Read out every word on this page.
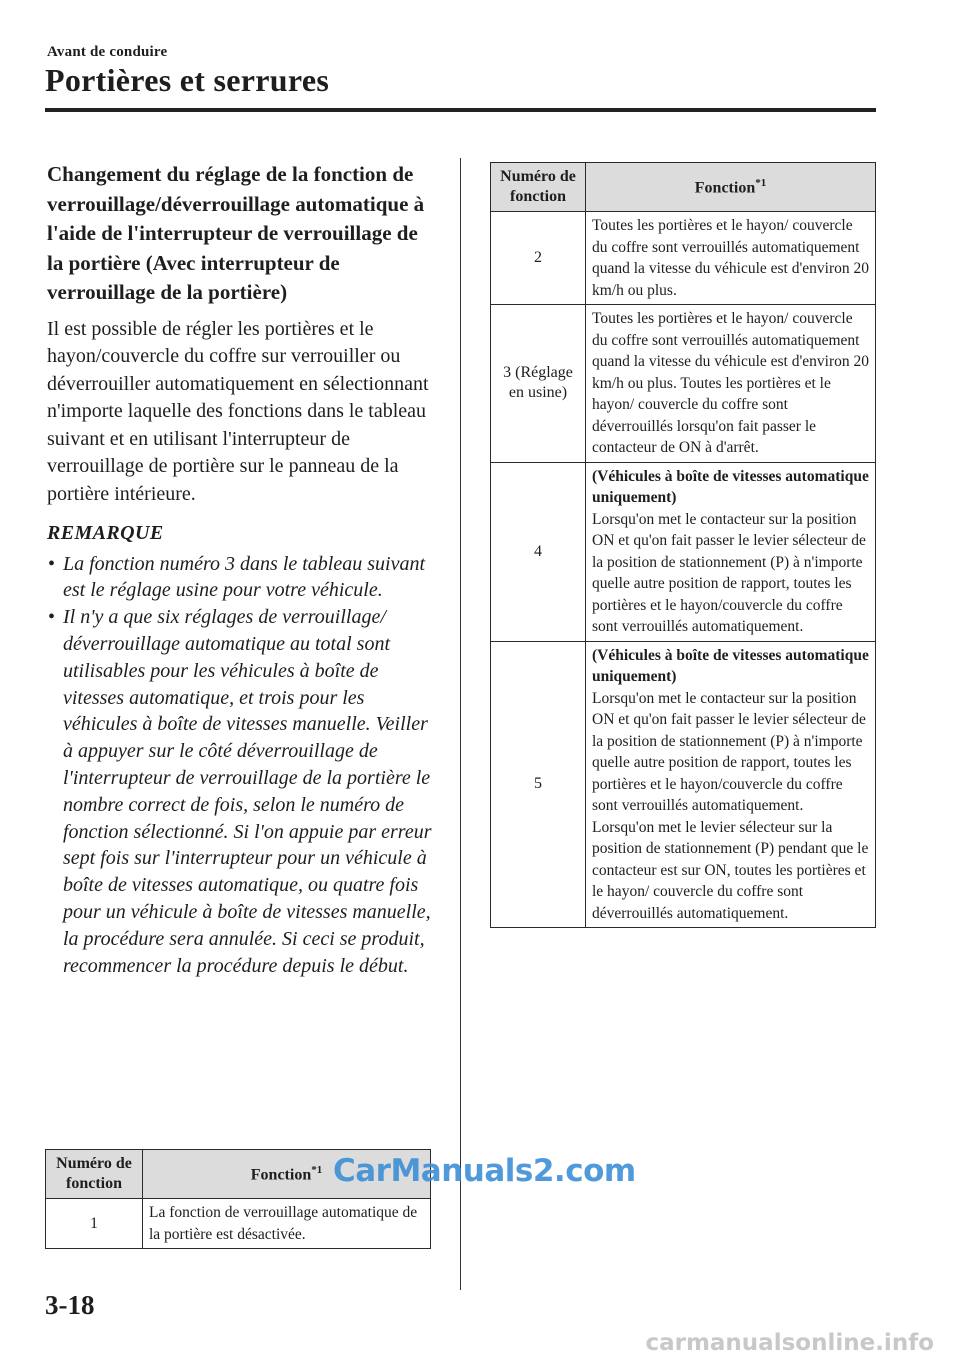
Avant de conduire
Portières et serrures
Changement du réglage de la fonction de verrouillage/déverrouillage automatique à l'aide de l'interrupteur de verrouillage de la portière (Avec interrupteur de verrouillage de la portière)
Il est possible de régler les portières et le hayon/couvercle du coffre sur verrouiller ou déverrouiller automatiquement en sélectionnant n'importe laquelle des fonctions dans le tableau suivant et en utilisant l'interrupteur de verrouillage de portière sur le panneau de la portière intérieure.
REMARQUE
• La fonction numéro 3 dans le tableau suivant est le réglage usine pour votre véhicule.
• Il n'y a que six réglages de verrouillage/ déverrouillage automatique au total sont utilisables pour les véhicules à boîte de vitesses automatique, et trois pour les véhicules à boîte de vitesses manuelle. Veiller à appuyer sur le côté déverrouillage de l'interrupteur de verrouillage de la portière le nombre correct de fois, selon le numéro de fonction sélectionné. Si l'on appuie par erreur sept fois sur l'interrupteur pour un véhicule à boîte de vitesses automatique, ou quatre fois pour un véhicule à boîte de vitesses manuelle, la procédure sera annulée. Si ceci se produit, recommencer la procédure depuis le début.
Numéro de fonction	Fonction$^{*1}$
1	La fonction de verrouillage automatique de la portière est désactivée.
Numéro de fonction	Fonction$^{*1}$
2	Toutes les portières et le hayon/ couvercle du coffre sont verrouillés automatiquement quand la vitesse du véhicule est d'environ 20 km/h ou plus.
3 (Réglage en usine)	Toutes les portières et le hayon/ couvercle du coffre sont verrouillés automatiquement quand la vitesse du véhicule est d'environ 20 km/h ou plus. Toutes les portières et le hayon/ couvercle du coffre sont déverrouillés lorsqu'on fait passer le contacteur de ON à d'arrêt.
4	(Véhicules à boîte de vitesses automatique uniquement)
Lorsqu'on met le contacteur sur la position ON et qu'on fait passer le levier sélecteur de la position de stationnement (P) à n'importe quelle autre position de rapport, toutes les portières et le hayon/couvercle du coffre sont verrouillés automatiquement.
5	(Véhicules à boîte de vitesses automatique uniquement)
Lorsqu'on met le contacteur sur la position ON et qu'on fait passer le levier sélecteur de la position de stationnement (P) à n'importe quelle autre position de rapport, toutes les portières et le hayon/couvercle du coffre sont verrouillés automatiquement. Lorsqu'on met le levier sélecteur sur la position de stationnement (P) pendant que le contacteur est sur ON, toutes les portières et le hayon/ couvercle du coffre sont déverrouillés automatiquement.
CarManuals2.com
3-18
carmanualsonline.info
